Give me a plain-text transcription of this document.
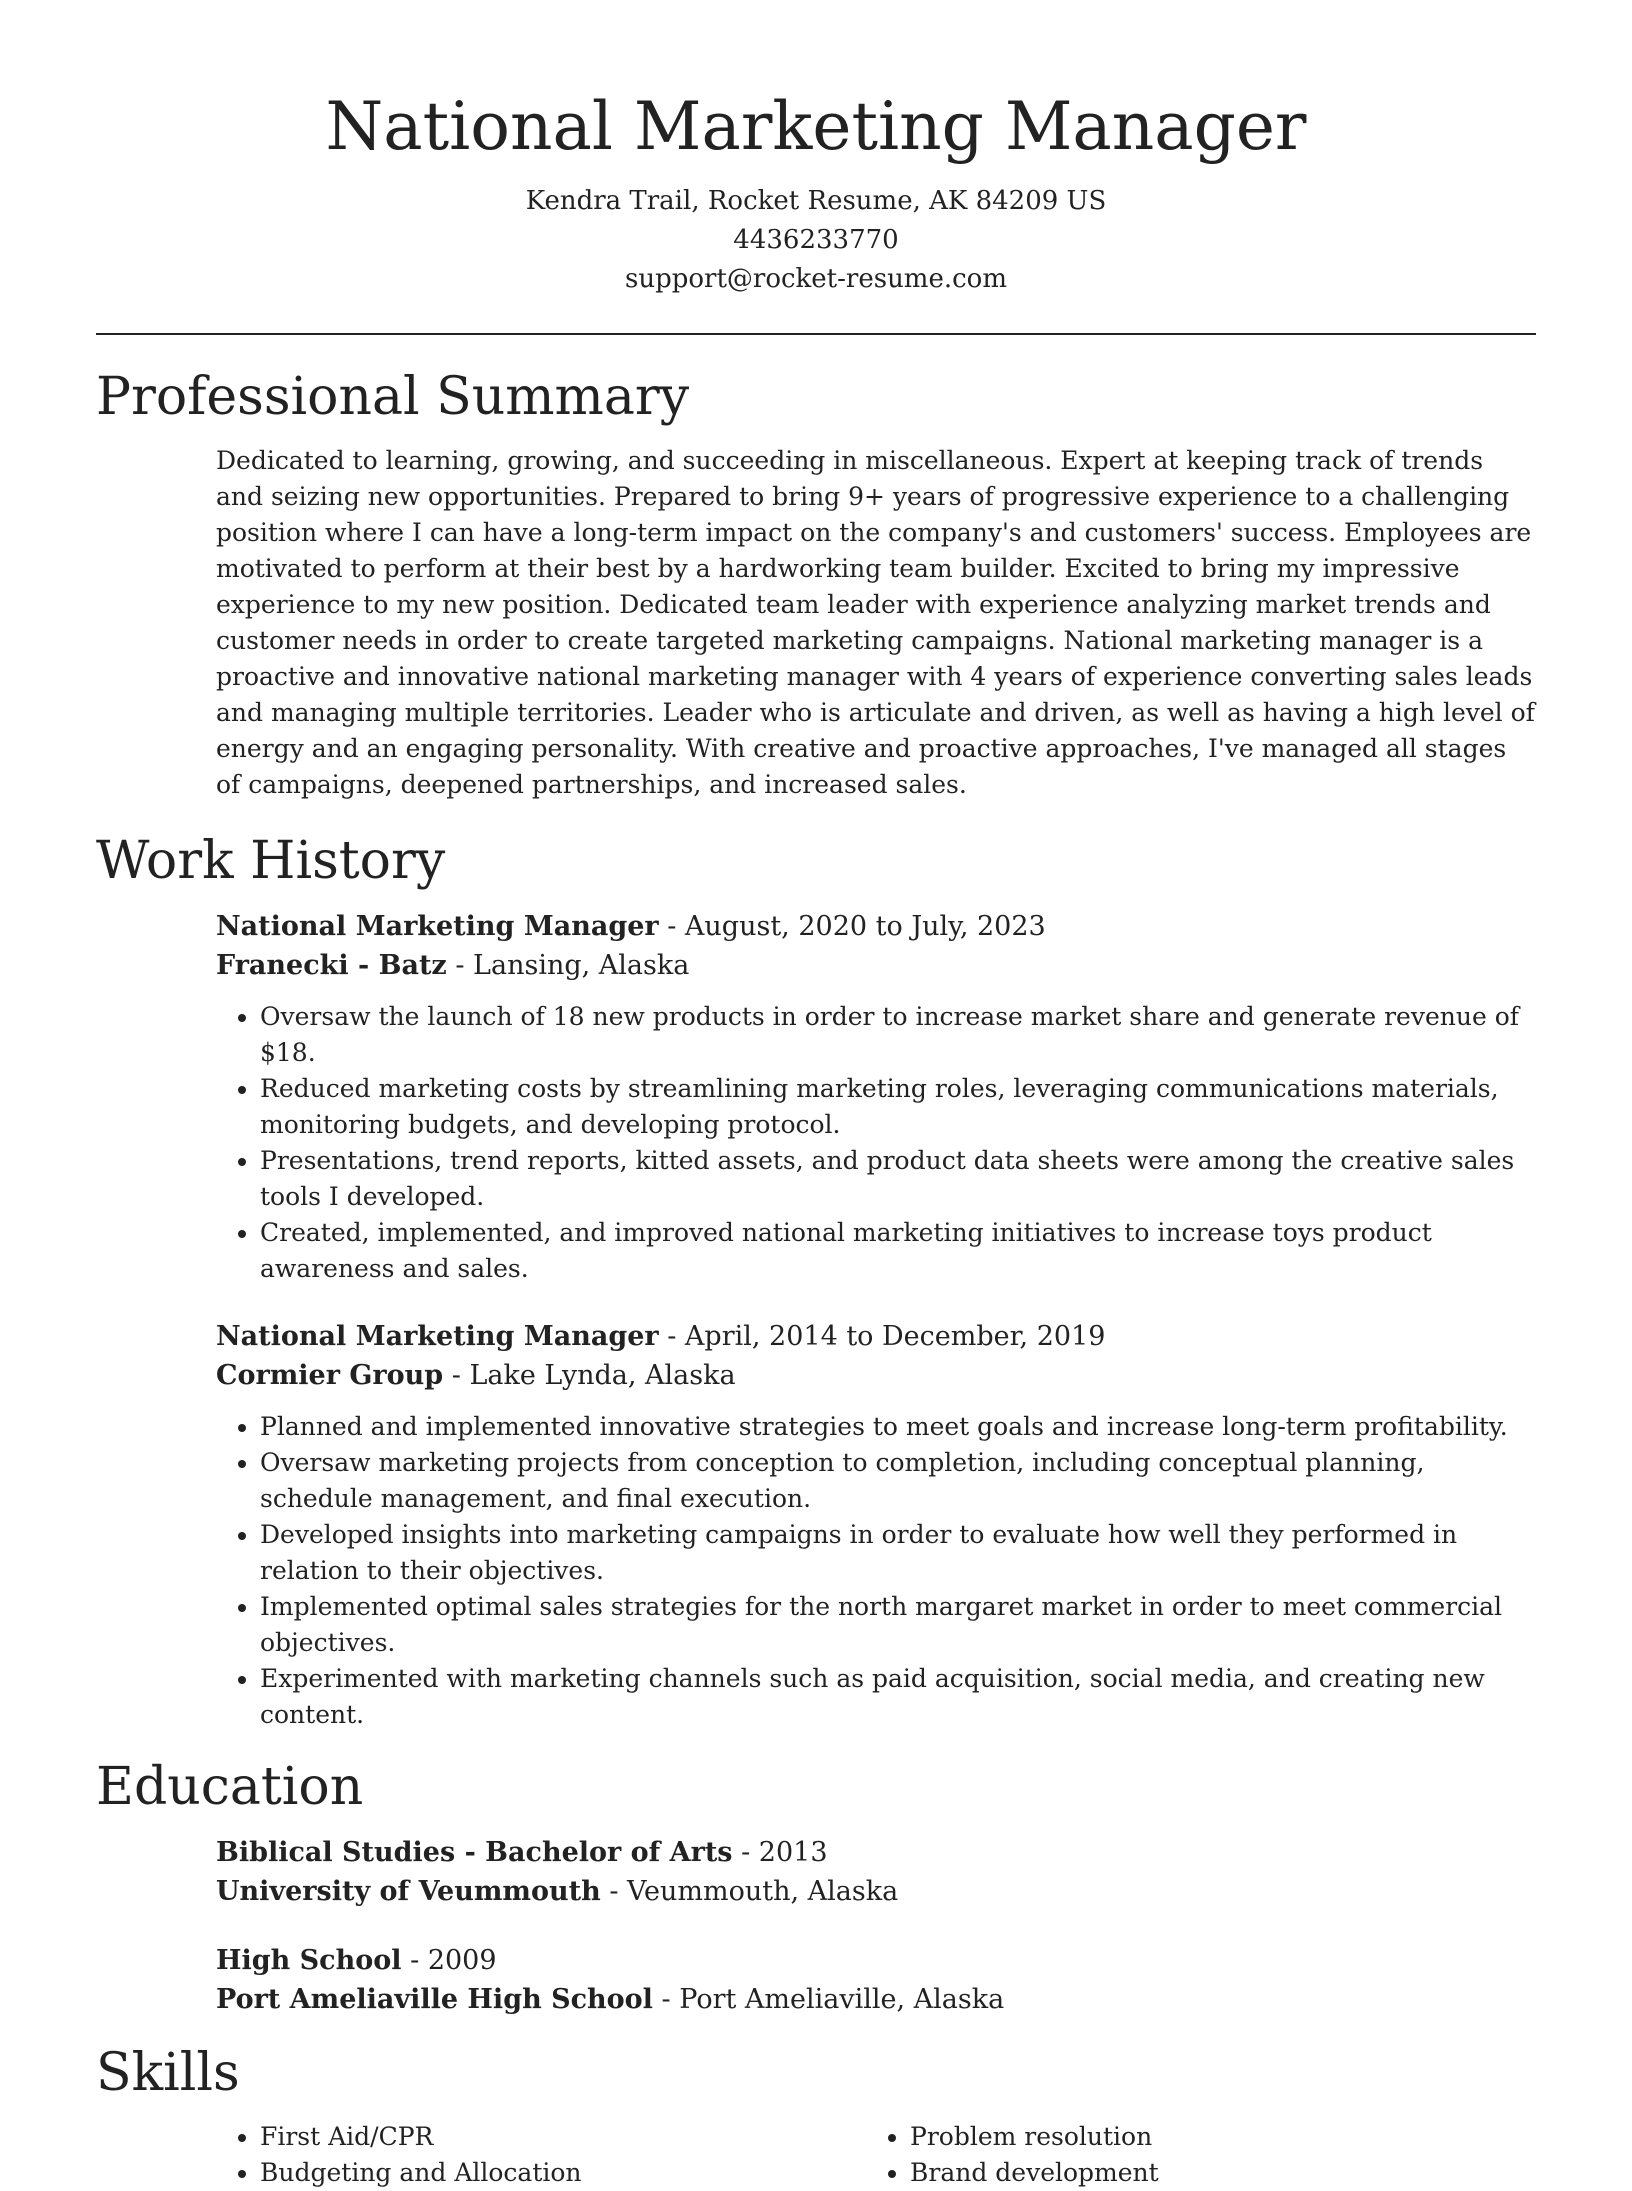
National Marketing Manager
Kendra Trail, Rocket Resume, AK 84209 US
4436233770
support@rocket-resume.com
Professional Summary

Dedicated to learning, growing, and succeeding in miscellaneous. Expert at keeping track of trends and seizing new opportunities. Prepared to bring 9+ years of progressive experience to a challenging position where I can have a long-term impact on the company's and customers' success. Employees are motivated to perform at their best by a hardworking team builder. Excited to bring my impressive experience to my new position. Dedicated team leader with experience analyzing market trends and customer needs in order to create targeted marketing campaigns. National marketing manager is a proactive and innovative national marketing manager with 4 years of experience converting sales leads and managing multiple territories. Leader who is articulate and driven, as well as having a high level of energy and an engaging personality. With creative and proactive approaches, I've managed all stages of campaigns, deepened partnerships, and increased sales.

Work History
National Marketing Manager - August, 2020 to July, 2023
Franecki - Batz - Lansing, Alaska
• Oversaw the launch of 18 new products in order to increase market share and generate revenue of $18.
• Reduced marketing costs by streamlining marketing roles, leveraging communications materials, monitoring budgets, and developing protocol.
• Presentations, trend reports, kitted assets, and product data sheets were among the creative sales tools I developed.
• Created, implemented, and improved national marketing initiatives to increase toys product awareness and sales.
National Marketing Manager - April, 2014 to December, 2019
Cormier Group - Lake Lynda, Alaska
• Planned and implemented innovative strategies to meet goals and increase long-term profitability.
• Oversaw marketing projects from conception to completion, including conceptual planning, schedule management, and final execution.
• Developed insights into marketing campaigns in order to evaluate how well they performed in relation to their objectives.
• Implemented optimal sales strategies for the north margaret market in order to meet commercial objectives.
• Experimented with marketing channels such as paid acquisition, social media, and creating new content.
Education
Biblical Studies - Bachelor of Arts - 2013
University of Veummouth - Veummouth, Alaska
High School - 2009
Port Ameliaville High School - Port Ameliaville, Alaska
Skills
• First Aid/CPR
• Budgeting and Allocation
• Problem resolution
• Brand development
